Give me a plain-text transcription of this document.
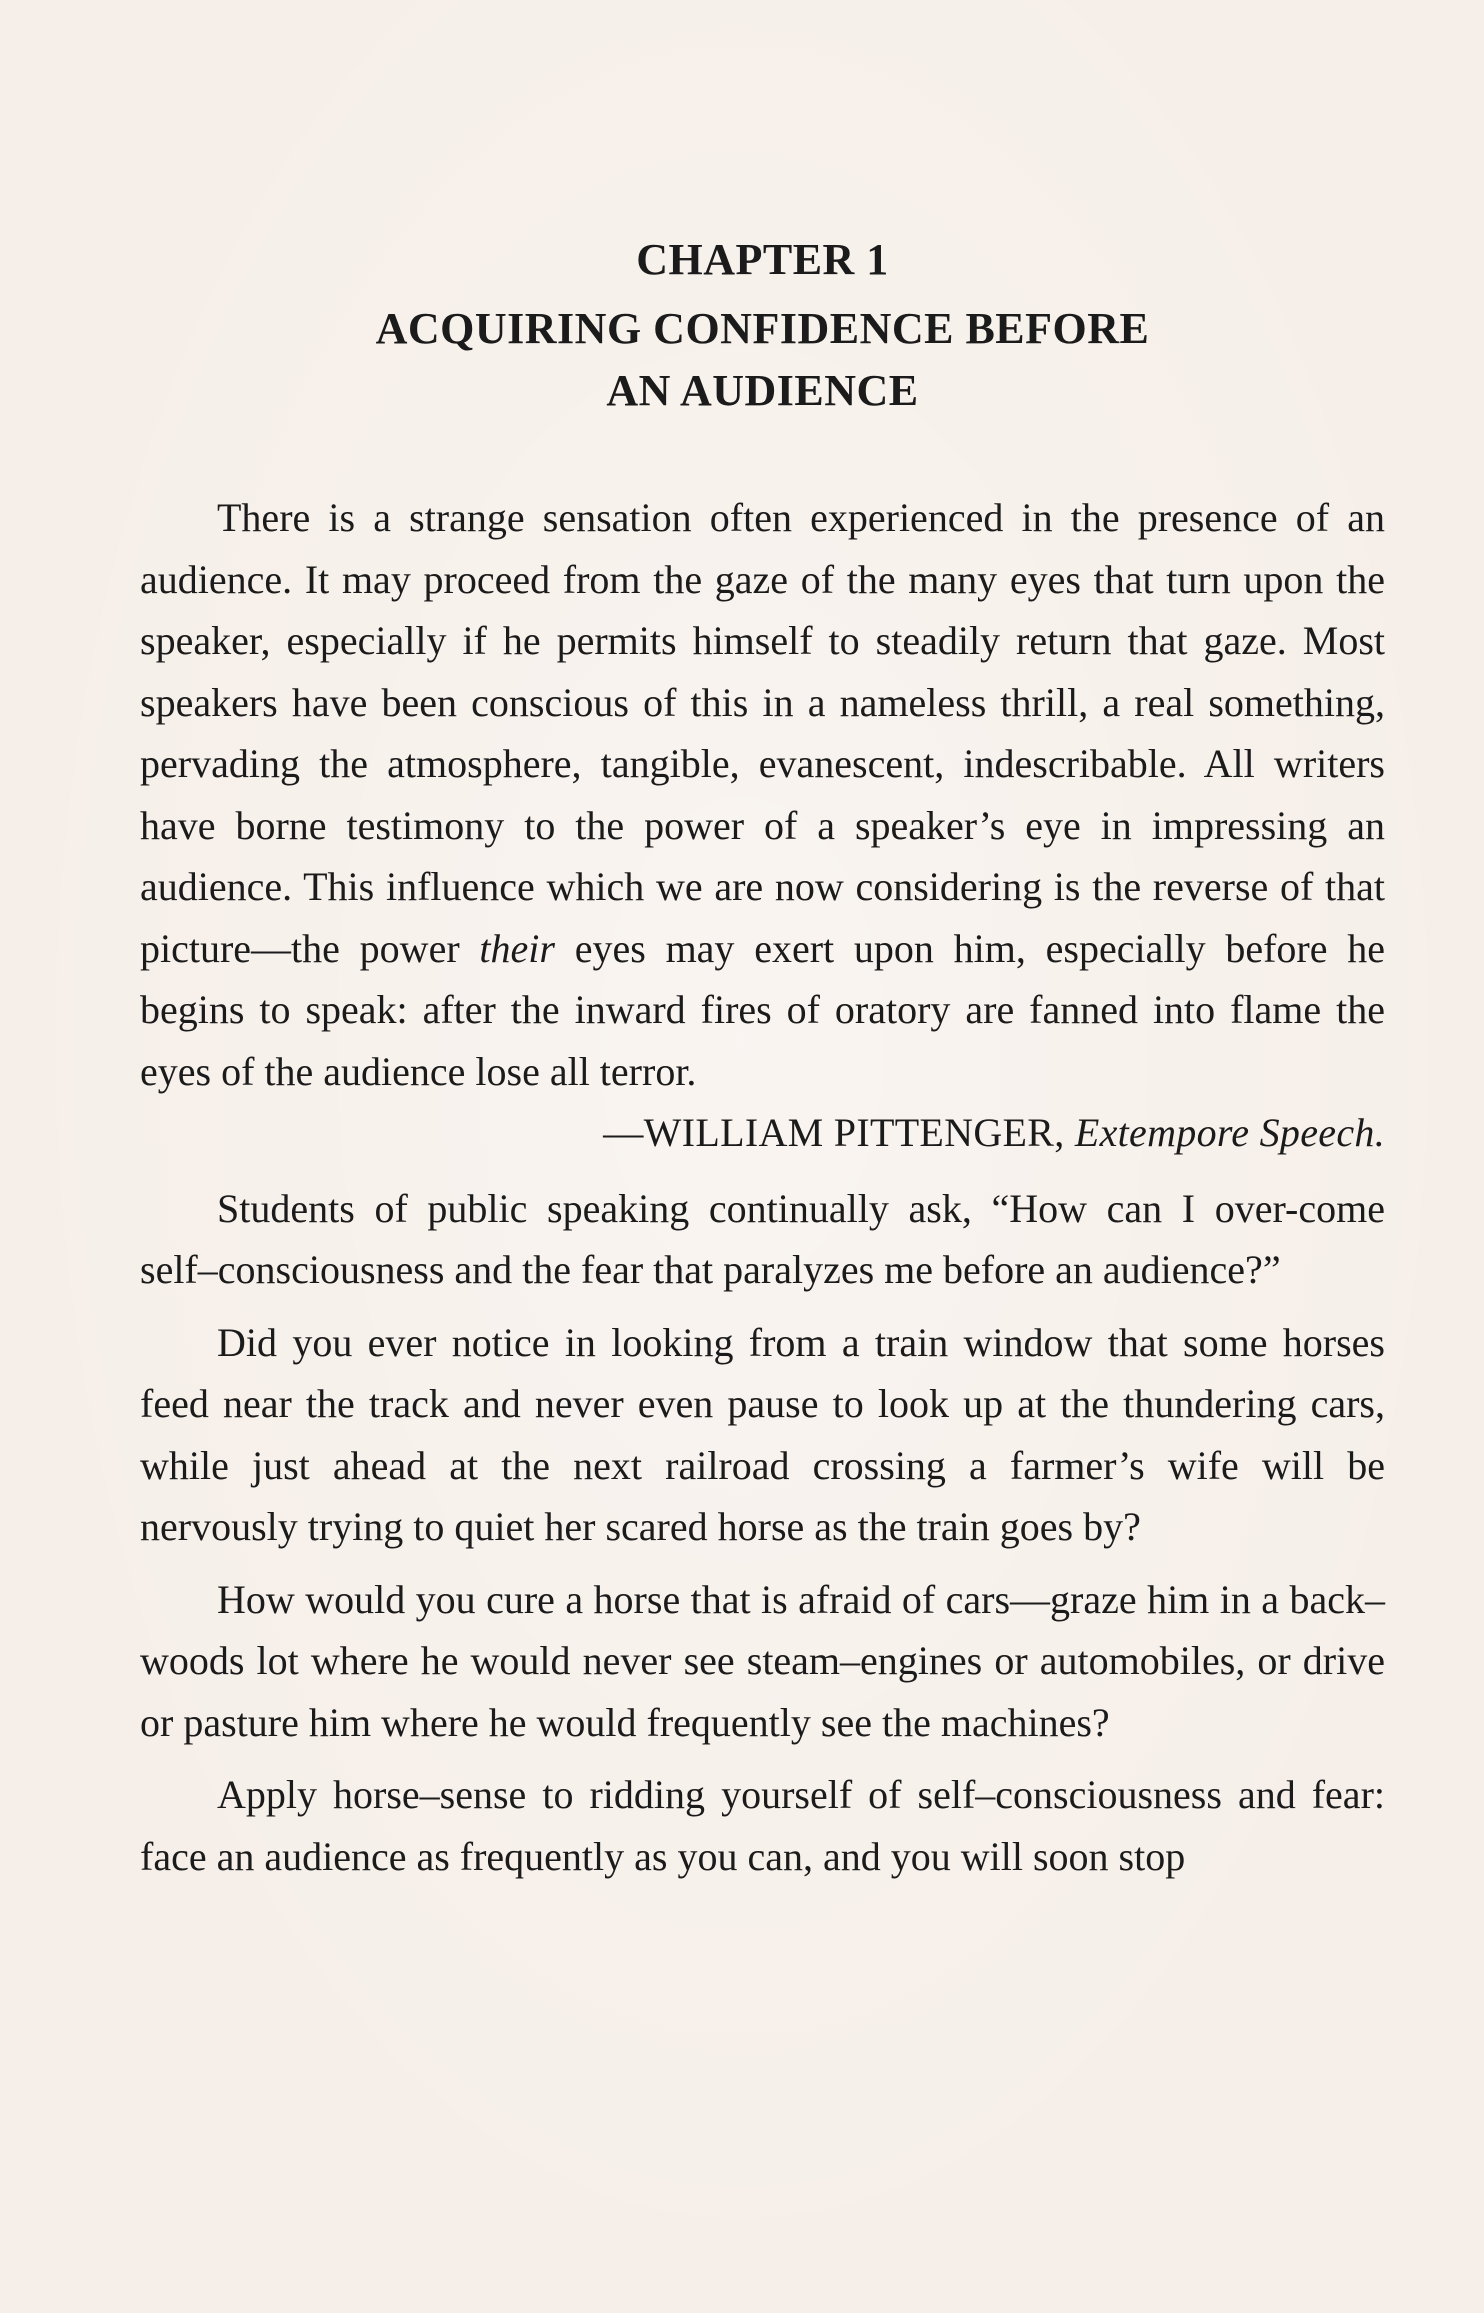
CHAPTER 1
ACQUIRING CONFIDENCE BEFORE
AN AUDIENCE

There is a strange sensation often experienced in the presence of an audience. It may proceed from the gaze of the many eyes that turn upon the speaker, especially if he permits himself to steadily return that gaze. Most speakers have been conscious of this in a nameless thrill, a real something, pervading the atmosphere, tangible, evanescent, indescribable. All writers have borne testimony to the power of a speaker’s eye in impressing an audience. This influence which we are now considering is the reverse of that picture––the power their eyes may exert upon him, especially before he begins to speak: after the inward fires of oratory are fanned into flame the eyes of the audience lose all terror.

––WILLIAM PITTENGER, Extempore Speech.

Students of public speaking continually ask, “How can I over-come self–consciousness and the fear that paralyzes me before an audience?”

Did you ever notice in looking from a train window that some horses feed near the track and never even pause to look up at the thundering cars, while just ahead at the next railroad crossing a farmer’s wife will be nervously trying to quiet her scared horse as the train goes by?

How would you cure a horse that is afraid of cars––graze him in a back–woods lot where he would never see steam–engines or automobiles, or drive or pasture him where he would frequently see the machines?

Apply horse–sense to ridding yourself of self–consciousness and fear: face an audience as frequently as you can, and you will soon stop
